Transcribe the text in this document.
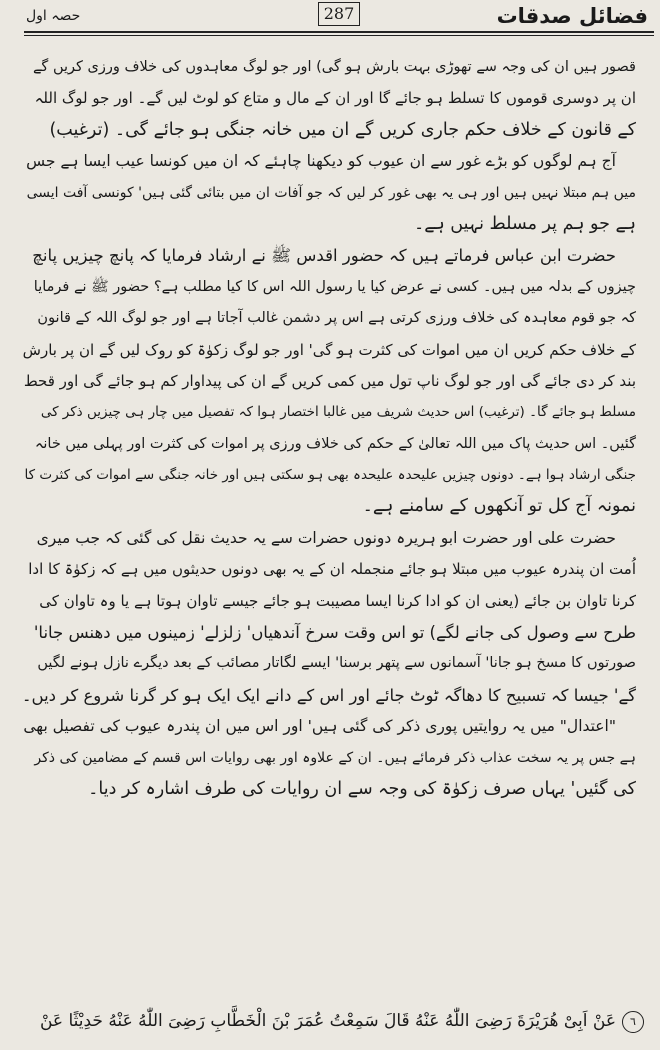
حصہ اول	287	فضائل صدقات
قصور ہیں ان کی وجہ سے تھوڑی بہت بارش ہو گی) اور جو لوگ معاہدوں کی خلاف ورزی کریں گے
ان پر دوسری قوموں کا تسلط ہو جائے گا اور ان کے مال و متاع کو لوٹ لیں گے۔ اور جو لوگ اللہ
کے قانون کے خلاف حکم جاری کریں گے ان میں خانہ جنگی ہو جائے گی۔ (ترغیب)
آج ہم لوگوں کو بڑے غور سے ان عیوب کو دیکھنا چاہئے کہ ان میں کونسا عیب ایسا ہے جس
میں ہم مبتلا نہیں ہیں اور ہی یہ بھی غور کر لیں کہ جو آفات ان میں بتائی گئی ہیں' کونسی آفت ایسی
ہے جو ہم پر مسلط نہیں ہے۔
حضرت ابن عباس فرماتے ہیں کہ حضور اقدس ﷺ نے ارشاد فرمایا کہ پانچ چیزیں پانچ
چیزوں کے بدلہ میں ہیں۔ کسی نے عرض کیا یا رسول اللہ اس کا کیا مطلب ہے؟ حضور ﷺ نے فرمایا
کہ جو قوم معاہدہ کی خلاف ورزی کرتی ہے اس پر دشمن غالب آجاتا ہے اور جو لوگ اللہ کے قانون
کے خلاف حکم کریں ان میں اموات کی کثرت ہو گی' اور جو لوگ زکوٰۃ کو روک لیں گے ان پر بارش
بند کر دی جائے گی اور جو لوگ ناپ تول میں کمی کریں گے ان کی پیداوار کم ہو جائے گی اور قحط
مسلط ہو جائے گا۔ (ترغیب) اس حدیث شریف میں غالبا اختصار ہوا کہ تفصیل میں چار ہی چیزیں ذکر کی
گئیں۔ اس حدیث پاک میں اللہ تعالیٰ کے حکم کی خلاف ورزی پر اموات کی کثرت اور پہلی میں خانہ
جنگی ارشاد ہوا ہے۔ دونوں چیزیں علیحدہ علیحدہ بھی ہو سکتی ہیں اور خانہ جنگی سے اموات کی کثرت کا
نمونہ آج کل تو آنکھوں کے سامنے ہے۔
حضرت علی اور حضرت ابو ہریرہ دونوں حضرات سے یہ حدیث نقل کی گئی کہ جب میری
اُمت ان پندرہ عیوب میں مبتلا ہو جائے منجملہ ان کے یہ بھی دونوں حدیثوں میں ہے کہ زکوٰۃ کا ادا
کرنا تاوان بن جائے (یعنی ان کو ادا کرنا ایسا مصیبت ہو جائے جیسے تاوان ہوتا ہے یا وہ تاوان کی
طرح سے وصول کی جانے لگے) تو اس وقت سرخ آندھیاں' زلزلے' زمینوں میں دھنس جانا'
صورتوں کا مسخ ہو جانا' آسمانوں سے پتھر برسنا' ایسے لگاتار مصائب کے بعد دیگرے نازل ہونے لگیں
گے' جیسا کہ تسبیح کا دھاگہ ٹوٹ جائے اور اس کے دانے ایک ایک ہو کر گرنا شروع کر دیں۔
"اعتدال" میں یہ روایتیں پوری ذکر کی گئی ہیں' اور اس میں ان پندرہ عیوب کی تفصیل بھی
ہے جس پر یہ سخت عذاب ذکر فرمائے ہیں۔ ان کے علاوہ اور بھی روایات اس قسم کے مضامین کی ذکر
کی گئیں' یہاں صرف زکوٰۃ کی وجہ سے ان روایات کی طرف اشارہ کر دیا۔
٦عَنْ اَبِیْ هُرَیْرَةَ رَضِیَ اللّٰهُ عَنْهُ قَالَ سَمِعْتُ عُمَرَ بْنَ الْخَطَّابِ رَضِیَ اللّٰهُ عَنْهُ حَدِیْثًا عَنْ
